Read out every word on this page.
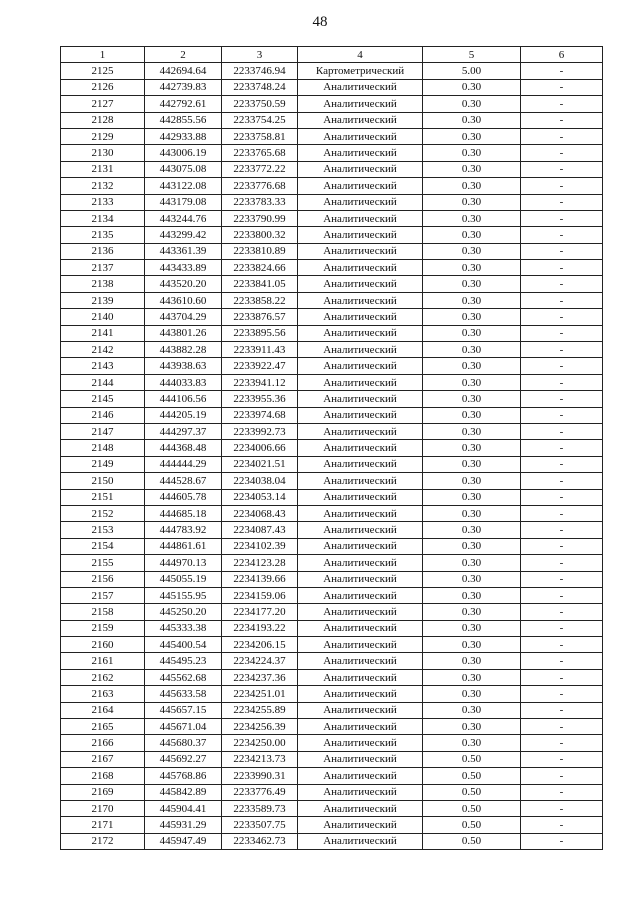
48
1	2	3	4	5	6
2125	442694.64	2233746.94	Картометрический	5.00	-
2126	442739.83	2233748.24	Аналитический	0.30	-
2127	442792.61	2233750.59	Аналитический	0.30	-
2128	442855.56	2233754.25	Аналитический	0.30	-
2129	442933.88	2233758.81	Аналитический	0.30	-
2130	443006.19	2233765.68	Аналитический	0.30	-
2131	443075.08	2233772.22	Аналитический	0.30	-
2132	443122.08	2233776.68	Аналитический	0.30	-
2133	443179.08	2233783.33	Аналитический	0.30	-
2134	443244.76	2233790.99	Аналитический	0.30	-
2135	443299.42	2233800.32	Аналитический	0.30	-
2136	443361.39	2233810.89	Аналитический	0.30	-
2137	443433.89	2233824.66	Аналитический	0.30	-
2138	443520.20	2233841.05	Аналитический	0.30	-
2139	443610.60	2233858.22	Аналитический	0.30	-
2140	443704.29	2233876.57	Аналитический	0.30	-
2141	443801.26	2233895.56	Аналитический	0.30	-
2142	443882.28	2233911.43	Аналитический	0.30	-
2143	443938.63	2233922.47	Аналитический	0.30	-
2144	444033.83	2233941.12	Аналитический	0.30	-
2145	444106.56	2233955.36	Аналитический	0.30	-
2146	444205.19	2233974.68	Аналитический	0.30	-
2147	444297.37	2233992.73	Аналитический	0.30	-
2148	444368.48	2234006.66	Аналитический	0.30	-
2149	444444.29	2234021.51	Аналитический	0.30	-
2150	444528.67	2234038.04	Аналитический	0.30	-
2151	444605.78	2234053.14	Аналитический	0.30	-
2152	444685.18	2234068.43	Аналитический	0.30	-
2153	444783.92	2234087.43	Аналитический	0.30	-
2154	444861.61	2234102.39	Аналитический	0.30	-
2155	444970.13	2234123.28	Аналитический	0.30	-
2156	445055.19	2234139.66	Аналитический	0.30	-
2157	445155.95	2234159.06	Аналитический	0.30	-
2158	445250.20	2234177.20	Аналитический	0.30	-
2159	445333.38	2234193.22	Аналитический	0.30	-
2160	445400.54	2234206.15	Аналитический	0.30	-
2161	445495.23	2234224.37	Аналитический	0.30	-
2162	445562.68	2234237.36	Аналитический	0.30	-
2163	445633.58	2234251.01	Аналитический	0.30	-
2164	445657.15	2234255.89	Аналитический	0.30	-
2165	445671.04	2234256.39	Аналитический	0.30	-
2166	445680.37	2234250.00	Аналитический	0.30	-
2167	445692.27	2234213.73	Аналитический	0.50	-
2168	445768.86	2233990.31	Аналитический	0.50	-
2169	445842.89	2233776.49	Аналитический	0.50	-
2170	445904.41	2233589.73	Аналитический	0.50	-
2171	445931.29	2233507.75	Аналитический	0.50	-
2172	445947.49	2233462.73	Аналитический	0.50	-
